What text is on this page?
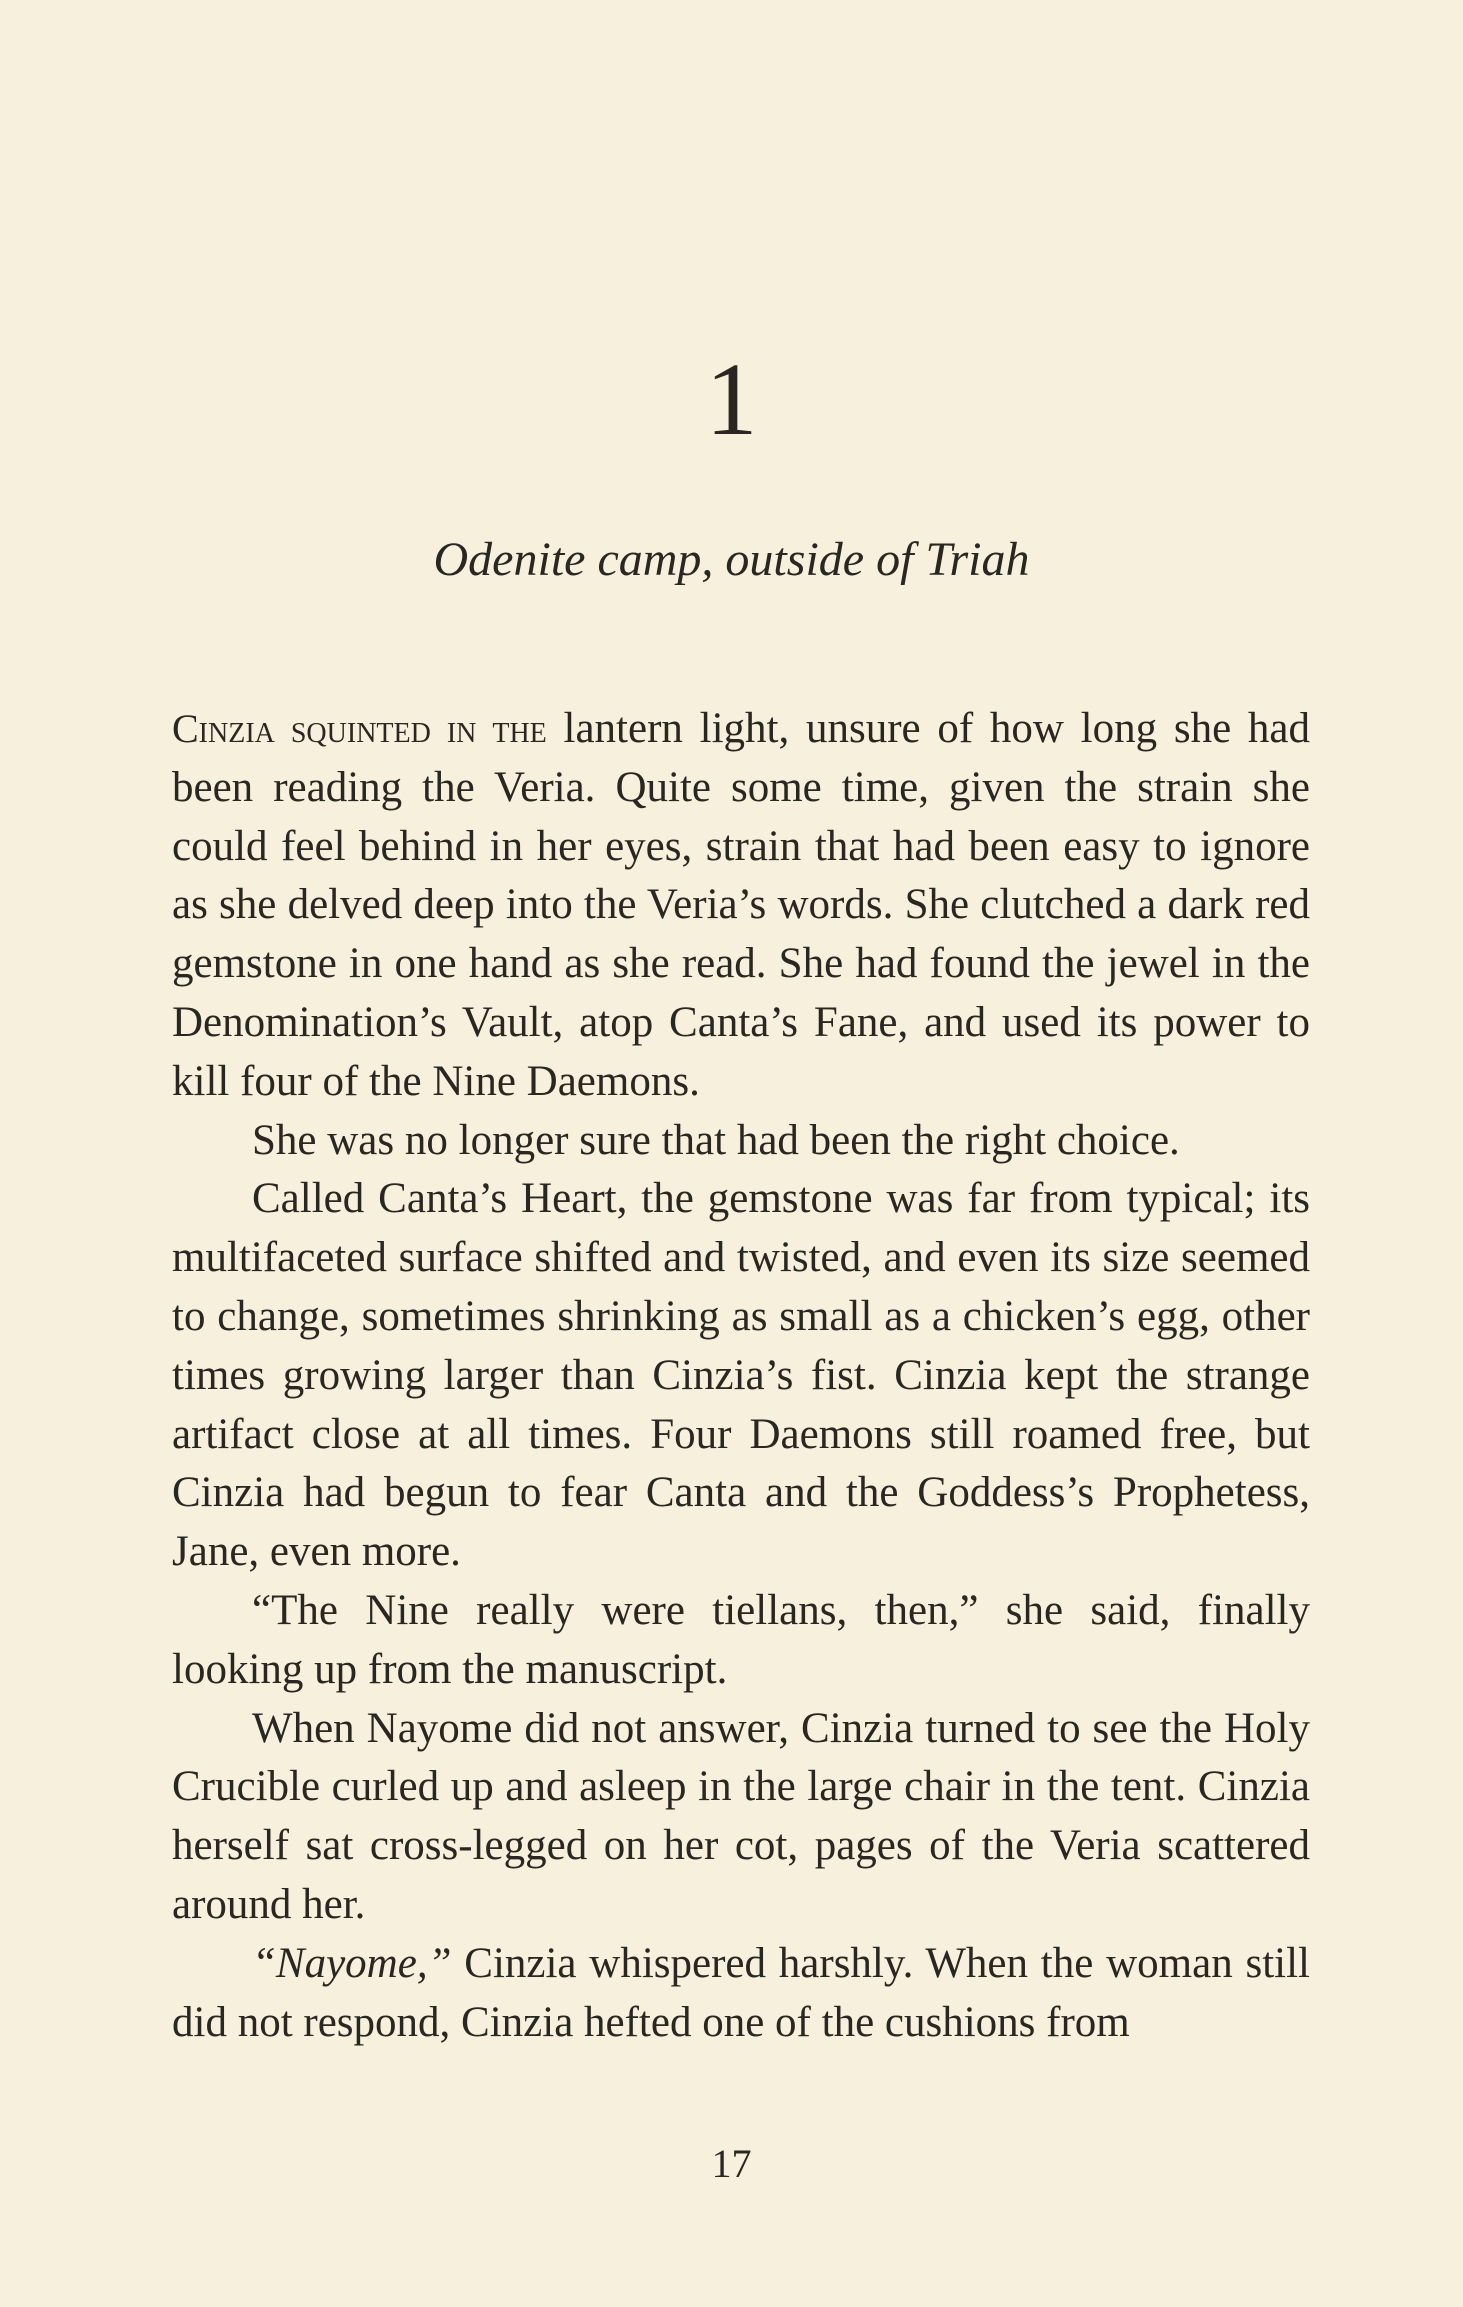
1
Odenite camp, outside of Triah

Cinzia squinted in the lantern light, unsure of how long she had been reading the Veria. Quite some time, given the strain she could feel behind in her eyes, strain that had been easy to ignore as she delved deep into the Veria’s words. She clutched a dark red gemstone in one hand as she read. She had found the jewel in the Denomination’s Vault, atop Canta’s Fane, and used its power to kill four of the Nine Daemons.

She was no longer sure that had been the right choice.

Called Canta’s Heart, the gemstone was far from typical; its multifaceted surface shifted and twisted, and even its size seemed to change, sometimes shrinking as small as a chicken’s egg, other times growing larger than Cinzia’s fist. Cinzia kept the strange artifact close at all times. Four Daemons still roamed free, but Cinzia had begun to fear Canta and the Goddess’s Prophetess, Jane, even more.

“The Nine really were tiellans, then,” she said, finally looking up from the manuscript.

When Nayome did not answer, Cinzia turned to see the Holy Crucible curled up and asleep in the large chair in the tent. Cinzia herself sat cross-legged on her cot, pages of the Veria scattered around her.

“Nayome,” Cinzia whispered harshly. When the woman still did not respond, Cinzia hefted one of the cushions from

17
